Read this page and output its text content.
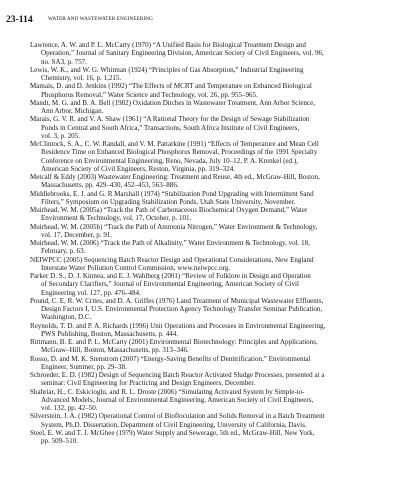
23-114	WATER AND WASTEWATER ENGINEERING

Lawrence, A. W. and P. L. McCarty (1970) “A Unified Basis for Biological Treatment Design and
Operation,” Journal of Sanitary Engineering Division, American Society of Civil Engineers, vol. 96,
no. SA3, p. 757.

Lewis, W. K., and W. G. Whitman (1924) “Principles of Gas Absorption,” Industrial Engineering
Chemistry, vol. 16, p. 1,215.

Mamais, D. and D. Jenkins (1992) “The Effects of MCRT and Temperature on Enhanced Biological
Phosphorus Removal,” Water Science and Technology, vol. 26, pp. 955–965.

Mandt, M. G. and B. A. Bell (1982) Oxidation Ditches in Wastewater Treatment, Ann Arbor Science,
Ann Arbor, Michigan.

Marais, G. V. R. and V. A. Shaw (1961) “A Rational Theory for the Design of Sewage Stabilization
Ponds in Central and South Africa,” Transactions, South Africa Institute of Civil Engineers,
vol. 3, p. 205.

McClintock, S. A., C. W. Randall, and V. M. Pattarkine (1991) “Effects of Temperature and Mean Cell
Residence Time on Enhanced Biological Phosphorus Removal, Proceedings of the 1991 Specialty
Conference on Environmental Engineering, Reno, Nevada, July 10–12, P. A. Krenkel (ed.),
American Society of Civil Engineers, Reston, Virginia, pp. 319–324.

Metcalf & Eddy (2003) Wastewater Engineering: Treatment and Reuse, 4th ed., McGraw-Hill, Boston,
Massachusetts, pp. 429–430, 452–453, 563–886.

Middlebrooks, E. J. and G. R Marshall (1974) “Stabilization Pond Upgrading with Intermittent Sand
Filters,” Symposium on Upgrading Stabilization Ponds, Utah State University, November.

Muirhead, W. M. (2005a) “Track the Path of Carbonaceous Biochemical Oxygen Demand,” Water
Environment & Technology, vol. 17, October, p. 101.

Muirhead, W. M. (2005b) “Track the Path of Ammonia Nitrogen,” Water Environment & Technology,
vol. 17, December, p. 91.

Muirhead, W. M. (2006) “Track the Path of Alkalinity,” Water Environment & Technology, vol. 18,
February, p. 63.

NEIWPCC (2005) Sequencing Batch Reactor Design and Operational Considerations, New England
Interstate Water Pollution Control Commission, www.neiwpcc.org.

Parker D. S., D. J. Kinnea, and E. J. Wahlberg (2001) “Review of Folklore in Design and Operation
of Secondary Clarifiers,” Journal of Environmental Engineering, American Society of Civil
Engineering vol. 127, pp. 476–484.

Pound, C. E, R. W. Crites, and D. A. Griffes (1976) Land Treatment of Municipal Wastewater Effluents,
Design Factors I, U.S. Environmental Protection Agency Technology Transfer Seminar Publication,
Washington, D.C.

Reynolds, T. D. and P. A. Richards (1996) Unit Operations and Processes in Environmental Engineering,
PWS Publishing, Boston, Massachusetts, p. 444.

Rittmann, B. E. and P. L. McCarty (2001) Environmental Biotechnology: Principles and Applications,
McGraw–Hill, Boston, Massachusetts, pp. 313–346.

Rosso, D. and M. K. Stenstrom (2007) “Energy-Saving Benefits of Denitrification,” Environmental
Engineer, Summer, pp. 29–38.

Schroeder, E. D. (1982) Design of Sequencing Batch Reactor Activated Sludge Processes, presented at a
seminar: Civil Engineering for Practicing and Design Engineers, December.

Shahriar, H., C. Eskicioglu, and R. L. Droste (2006) “Simulating Activated System by Simple-to-
Advanced Models, Journal of Environmental Engineering, American Society of Civil Engineers,
vol. 132, pp. 42–50.

Silverstein, J. A. (1982) Operational Control of Biofloculation and Solids Removal in a Batch Treatment
System, Ph.D. Dissertation, Department of Civil Engineering, University of California, Davis.

Steel, E. W. and T. J. McGhee (1979) Water Supply and Sewerage, 5th ed., McGraw-Hill, New York,
pp. 509–510.
